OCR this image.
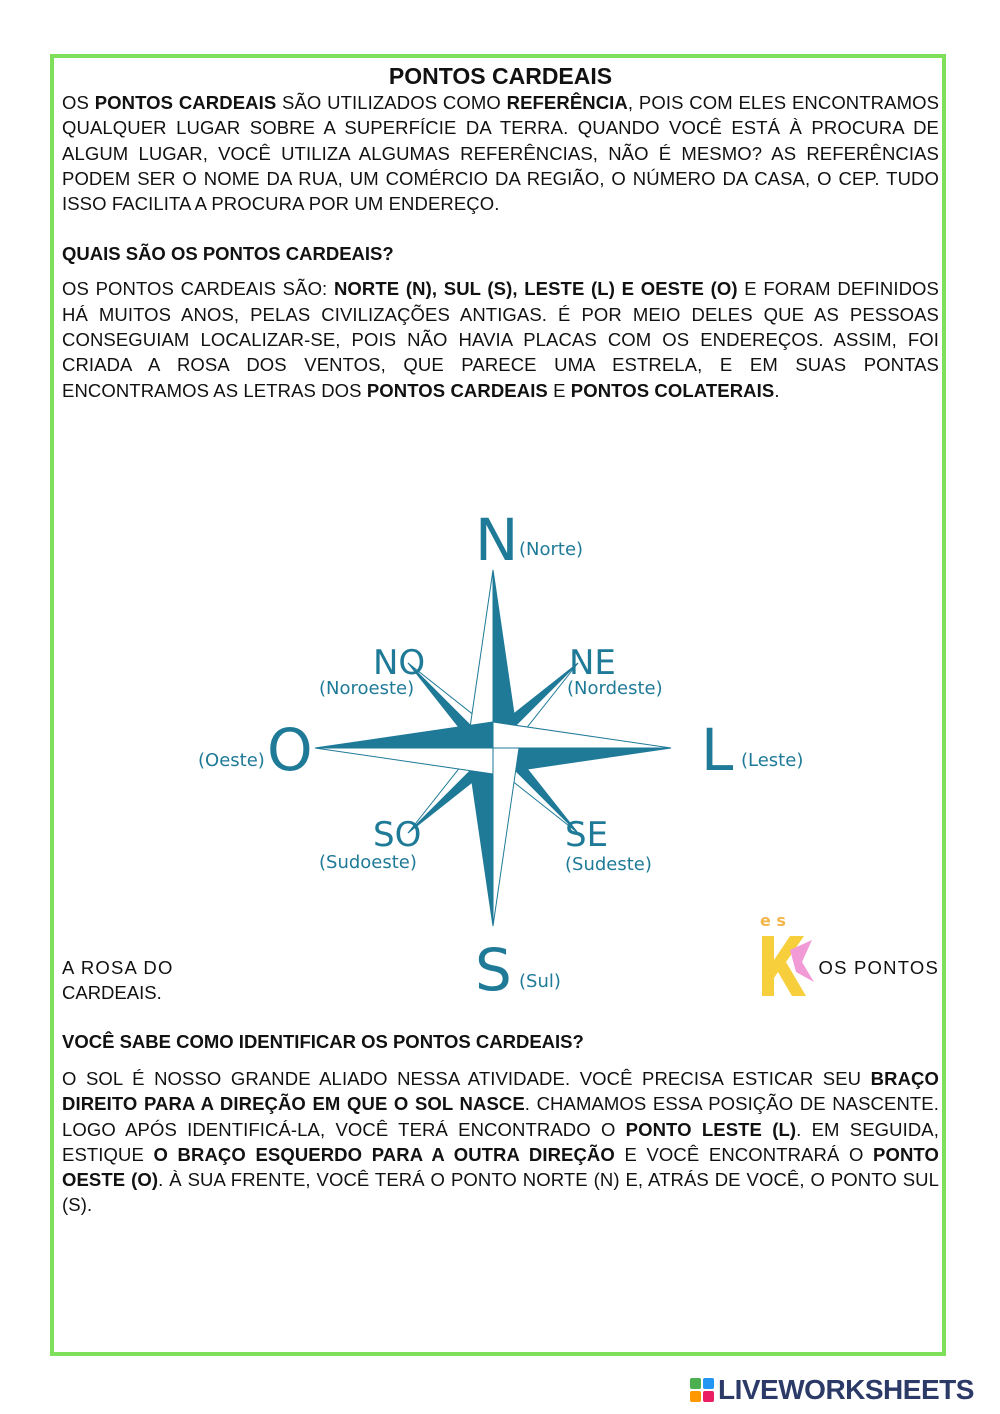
PONTOS CARDEAIS

OS PONTOS CARDEAIS SÃO UTILIZADOS COMO REFERÊNCIA, POIS COM ELES ENCONTRAMOS QUALQUER LUGAR SOBRE A SUPERFÍCIE DA TERRA. QUANDO VOCÊ ESTÁ À PROCURA DE ALGUM LUGAR, VOCÊ UTILIZA ALGUMAS REFERÊNCIAS, NÃO É MESMO? AS REFERÊNCIAS PODEM SER O NOME DA RUA, UM COMÉRCIO DA REGIÃO, O NÚMERO DA CASA, O CEP. TUDO ISSO FACILITA A PROCURA POR UM ENDEREÇO.

QUAIS SÃO OS PONTOS CARDEAIS?

OS PONTOS CARDEAIS SÃO: NORTE (N), SUL (S), LESTE (L) E OESTE (O) E FORAM DEFINIDOS HÁ MUITOS ANOS, PELAS CIVILIZAÇÕES ANTIGAS. É POR MEIO DELES QUE AS PESSOAS CONSEGUIAM LOCALIZAR-SE, POIS NÃO HAVIA PLACAS COM OS ENDEREÇOS. ASSIM, FOI CRIADA A ROSA DOS VENTOS, QUE PARECE UMA ESTRELA, E EM SUAS PONTAS ENCONTRAMOS AS LETRAS DOS PONTOS CARDEAIS E PONTOS COLATERAIS.

N (Norte)
S (Sul)
L (Leste)
O
(Oeste)
NO
(Noroeste)
NE
(Nordeste)
SO
(Sudoeste)
SE
(Sudeste)
A ROSA DO	OS PONTOS
CARDEAIS.
e s

VOCÊ SABE COMO IDENTIFICAR OS PONTOS CARDEAIS?

O SOL É NOSSO GRANDE ALIADO NESSA ATIVIDADE. VOCÊ PRECISA ESTICAR SEU BRAÇO DIREITO PARA A DIREÇÃO EM QUE O SOL NASCE. CHAMAMOS ESSA POSIÇÃO DE NASCENTE. LOGO APÓS IDENTIFICÁ-LA, VOCÊ TERÁ ENCONTRADO O PONTO LESTE (L). EM SEGUIDA, ESTIQUE O BRAÇO ESQUERDO PARA A OUTRA DIREÇÃO E VOCÊ ENCONTRARÁ O PONTO OESTE (O). À SUA FRENTE, VOCÊ TERÁ O PONTO NORTE (N) E, ATRÁS DE VOCÊ, O PONTO SUL (S).

LIVEWORKSHEETS
